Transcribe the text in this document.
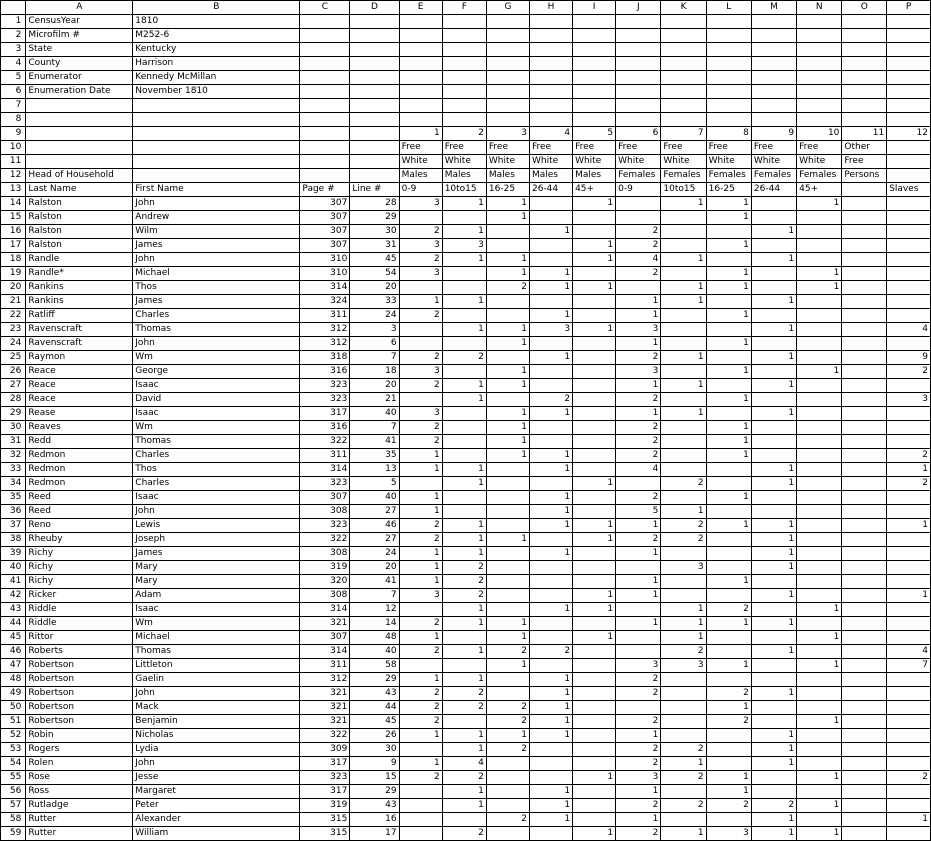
	A	B	C	D	E	F	G	H	I	J	K	L	M	N	O	P
1	CensusYear	1810														
2	Microfilm #	M252-6														
3	State	Kentucky														
4	County	Harrison														
5	Enumerator	Kennedy McMillan														
6	Enumeration Date	November 1810														
7																
8																
9					1	2	3	4	5	6	7	8	9	10	11	12
10					Free	Free	Free	Free	Free	Free	Free	Free	Free	Free	Other	
11					White	White	White	White	White	White	White	White	White	White	Free	
12	Head of Household				Males	Males	Males	Males	Males	Females	Females	Females	Females	Females	Persons	
13	Last Name	First Name	Page #	Line #	0-9	10to15	16-25	26-44	45+	0-9	10to15	16-25	26-44	45+		Slaves
14	Ralston	John	307	28	3	1	1		1		1	1		1		
15	Ralston	Andrew	307	29			1					1				
16	Ralston	Wilm	307	30	2	1		1		2			1			
17	Ralston	James	307	31	3	3			1	2		1				
18	Randle	John	310	45	2	1	1		1	4	1		1			
19	Randle*	Michael	310	54	3		1	1		2		1		1		
20	Rankins	Thos	314	20			2	1	1		1	1		1		
21	Rankins	James	324	33	1	1				1	1		1			
22	Ratliff	Charles	311	24	2			1		1		1				
23	Ravenscraft	Thomas	312	3		1	1	3	1	3			1			4
24	Ravenscraft	John	312	6			1			1		1				
25	Raymon	Wm	318	7	2	2		1		2	1		1			9
26	Reace	George	316	18	3		1			3		1		1		2
27	Reace	Isaac	323	20	2	1	1			1	1		1			
28	Reace	David	323	21		1		2		2		1				3
29	Rease	Isaac	317	40	3		1	1		1	1		1			
30	Reaves	Wm	316	7	2		1			2		1				
31	Redd	Thomas	322	41	2		1			2		1				
32	Redmon	Charles	311	35	1		1	1		2		1				2
33	Redmon	Thos	314	13	1	1		1		4			1			1
34	Redmon	Charles	323	5		1			1		2		1			2
35	Reed	Isaac	307	40	1			1		2		1				
36	Reed	John	308	27	1			1		5	1					
37	Reno	Lewis	323	46	2	1		1	1	1	2	1	1			1
38	Rheuby	Joseph	322	27	2	1	1		1	2	2		1			
39	Richy	James	308	24	1	1		1		1			1			
40	Richy	Mary	319	20	1	2					3		1			
41	Richy	Mary	320	41	1	2				1		1				
42	Ricker	Adam	308	7	3	2			1	1			1			1
43	Riddle	Isaac	314	12		1		1	1		1	2		1		
44	Riddle	Wm	321	14	2	1	1			1	1	1	1			
45	Rittor	Michael	307	48	1		1		1		1			1		
46	Roberts	Thomas	314	40	2	1	2	2			2		1			4
47	Robertson	Littleton	311	58			1			3	3	1		1		7
48	Robertson	Gaelin	312	29	1	1		1		2						
49	Robertson	John	321	43	2	2		1		2		2	1			
50	Robertson	Mack	321	44	2	2	2	1				1				
51	Robertson	Benjamin	321	45	2		2	1		2		2		1		
52	Robin	Nicholas	322	26	1	1	1	1		1			1			
53	Rogers	Lydia	309	30		1	2			2	2		1			
54	Rolen	John	317	9	1	4				2	1		1			
55	Rose	Jesse	323	15	2	2			1	3	2	1		1		2
56	Ross	Margaret	317	29		1		1		1		1				
57	Rutladge	Peter	319	43		1		1		2	2	2	2	1		
58	Rutter	Alexander	315	16			2	1		1			1			1
59	Rutter	William	315	17		2			1	2	1	3	1	1		
